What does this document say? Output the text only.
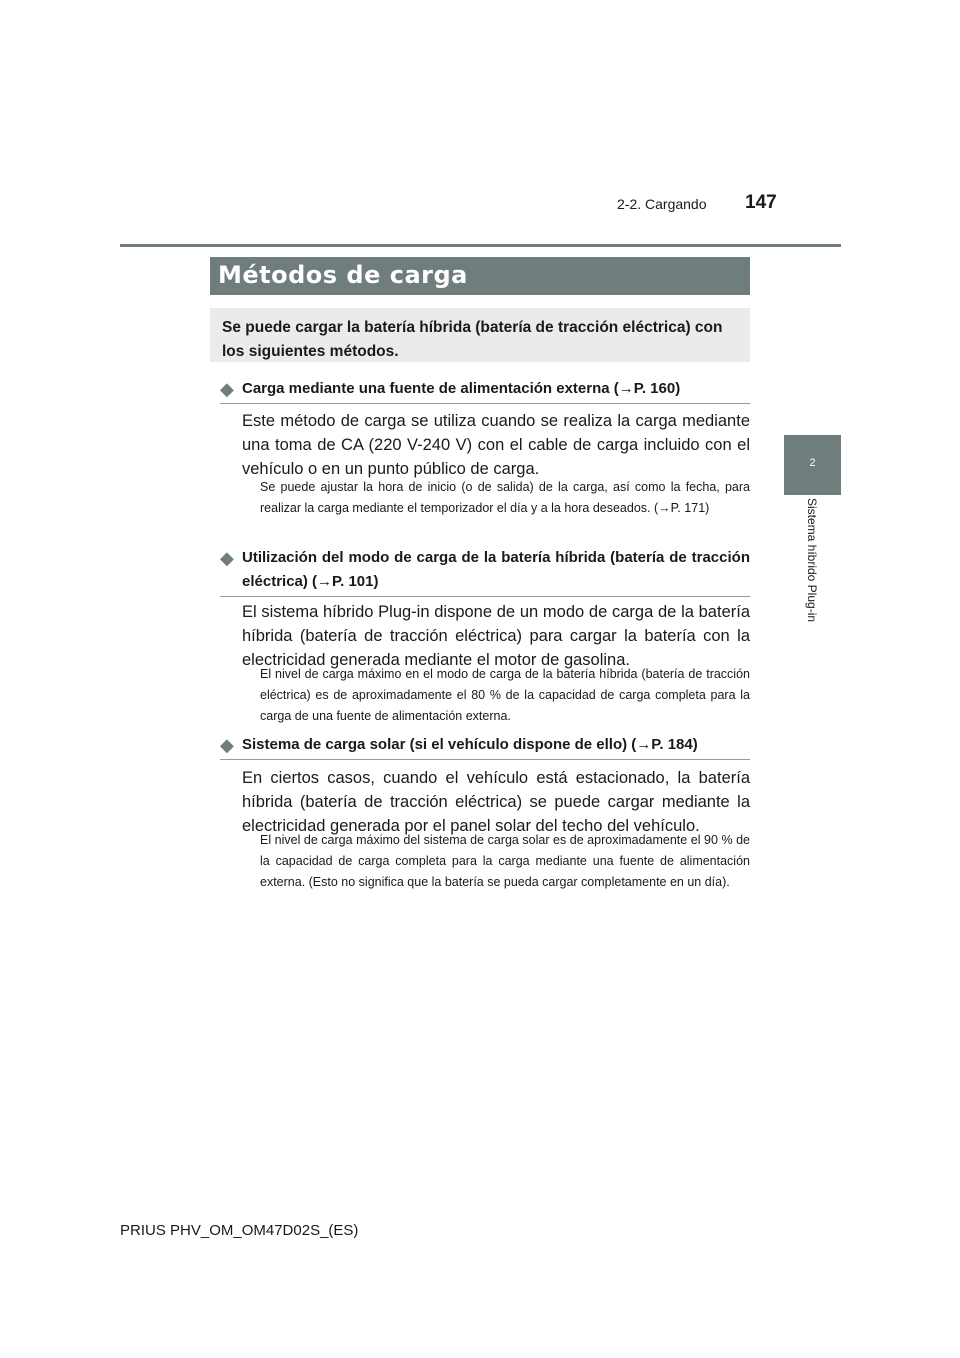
147
2-2. Cargando
2
Sistema híbrido Plug-in
Métodos de carga
Se puede cargar la batería híbrida (batería de tracción eléctrica) con los siguientes métodos.
◆ Carga mediante una fuente de alimentación externa (→P. 160)
Este método de carga se utiliza cuando se realiza la carga mediante una toma de CA (220 V-240 V) con el cable de carga incluido con el vehículo o en un punto público de carga.
Se puede ajustar la hora de inicio (o de salida) de la carga, así como la fecha, para realizar la carga mediante el temporizador el día y a la hora deseados. (→P. 171)
◆ Utilización del modo de carga de la batería híbrida (batería de tracción eléctrica) (→P. 101)
El sistema híbrido Plug-in dispone de un modo de carga de la batería híbrida (batería de tracción eléctrica) para cargar la batería con la electricidad generada mediante el motor de gasolina.
El nivel de carga máximo en el modo de carga de la batería híbrida (batería de tracción eléctrica) es de aproximadamente el 80 % de la capacidad de carga completa para la carga de una fuente de alimentación externa.
◆ Sistema de carga solar (si el vehículo dispone de ello) (→P. 184)
En ciertos casos, cuando el vehículo está estacionado, la batería híbrida (batería de tracción eléctrica) se puede cargar mediante la electricidad generada por el panel solar del techo del vehículo.
El nivel de carga máximo del sistema de carga solar es de aproximadamente el 90 % de la capacidad de carga completa para la carga mediante una fuente de alimentación externa. (Esto no significa que la batería se pueda cargar completamente en un día).
PRIUS PHV_OM_OM47D02S_(ES)
